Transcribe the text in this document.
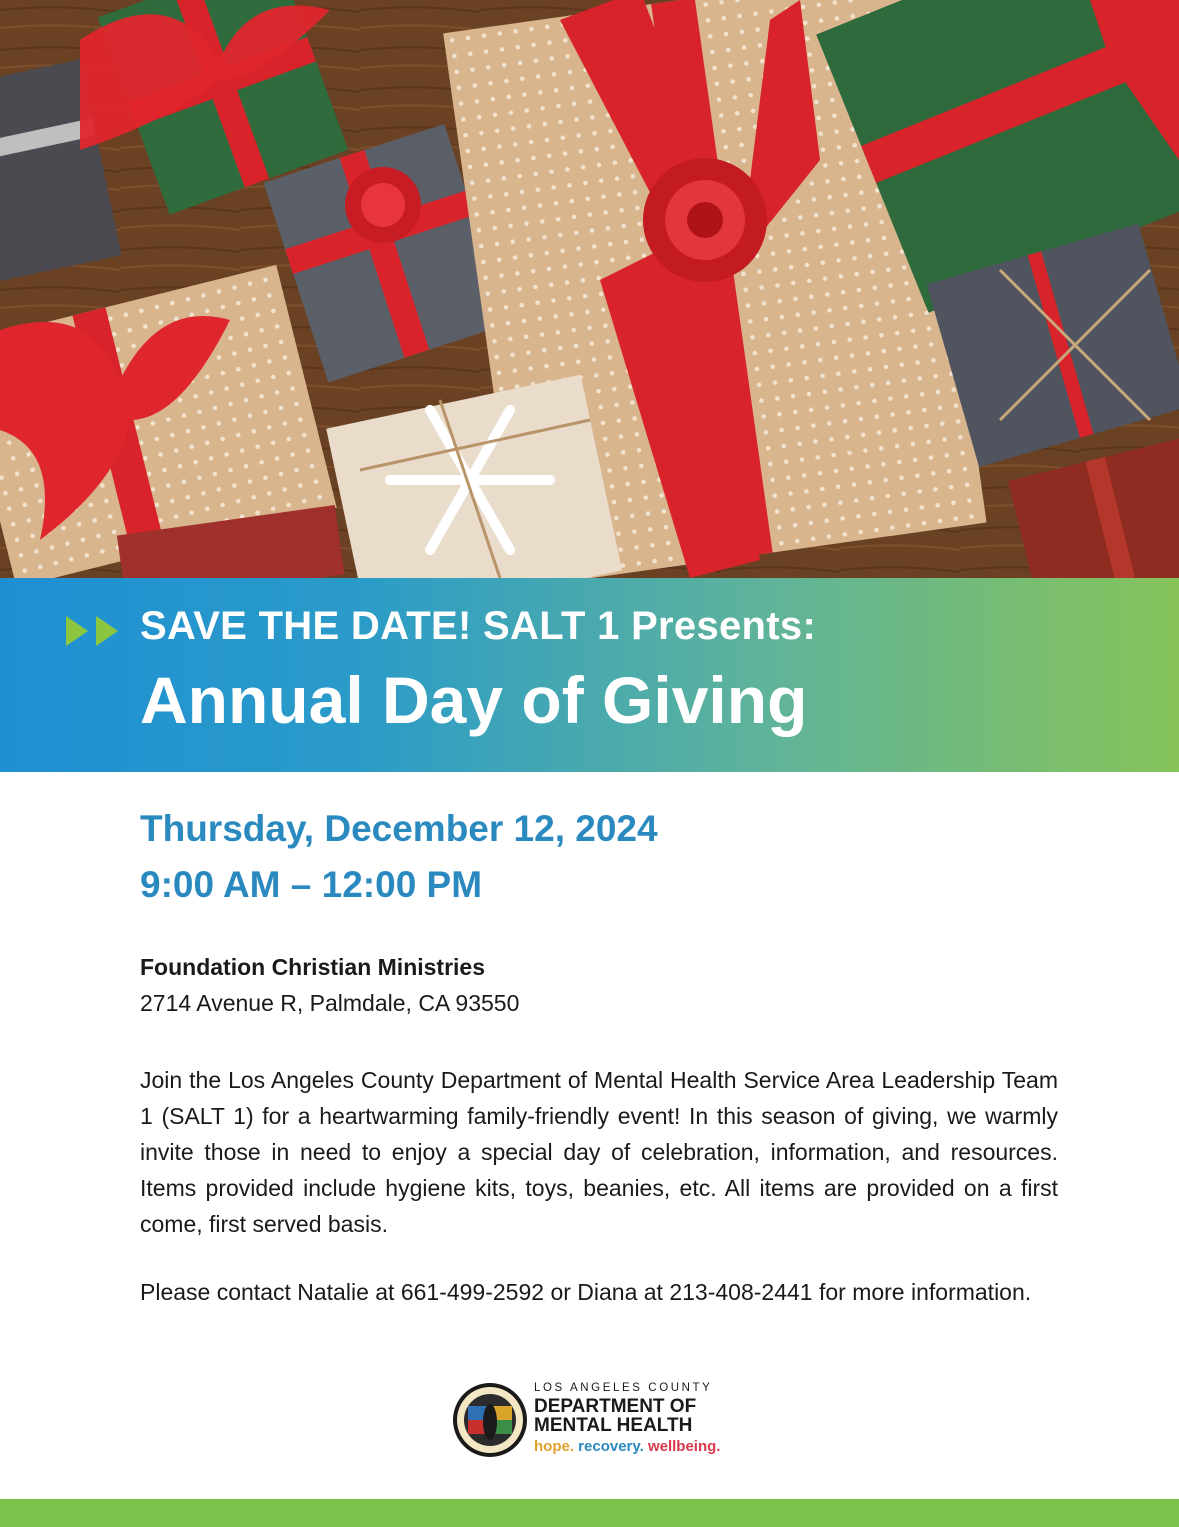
SAVE THE DATE! SALT 1 Presents:
Annual Day of Giving
Thursday, December 12, 2024
9:00 AM – 12:00 PM
Foundation Christian Ministries
2714 Avenue R, Palmdale, CA 93550
Join the Los Angeles County Department of Mental Health Service Area Leadership Team 1 (SALT 1) for a heartwarming family-friendly event! In this season of giving, we warmly invite those in need to enjoy a special day of celebration, information, and resources. Items provided include hygiene kits, toys, beanies, etc. All items are provided on a first come, first served basis.
Please contact Natalie at 661-499-2592 or Diana at 213-408-2441 for more information.
LOS ANGELES COUNTY
DEPARTMENT OF
MENTAL HEALTH
hope. recovery. wellbeing.
